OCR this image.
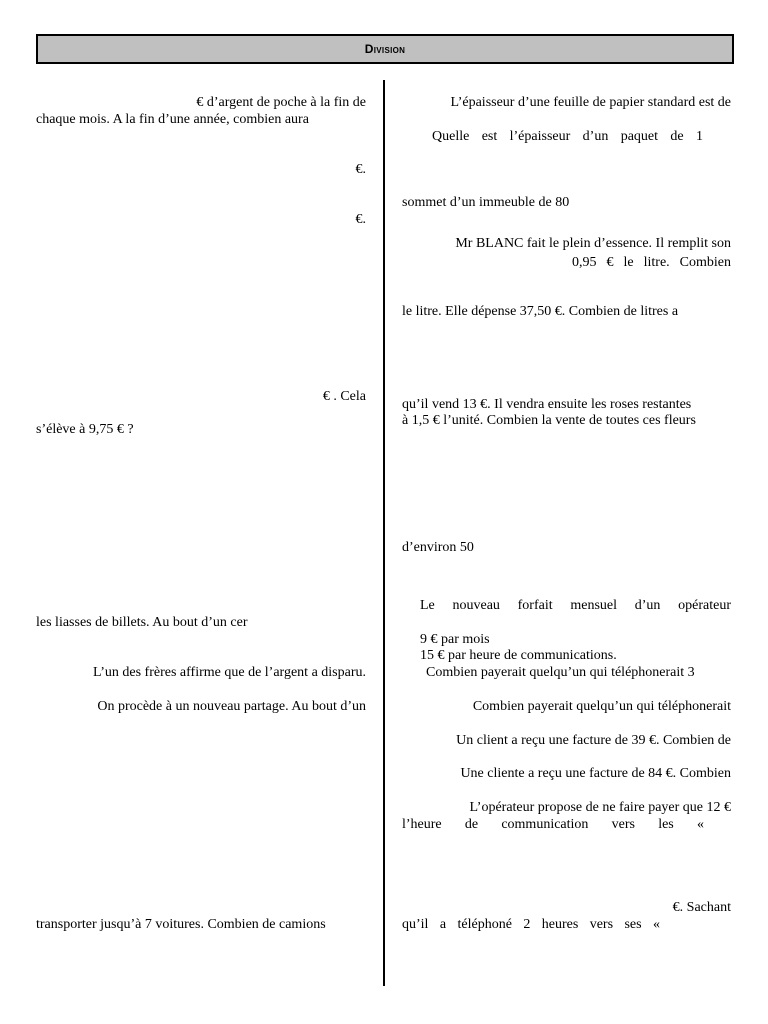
Division
€ d’argent de poche à la fin de
chaque mois. A la fin d’une année, combien aura
€.
€.
€ . Cela
s’élève à 9,75 € ?
les liasses de billets. Au bout d’un cer
L’un des frères affirme que de l’argent a disparu.
On procède à un nouveau partage. Au bout d’un
transporter jusqu’à 7 voitures. Combien de camions
L’épaisseur d’une feuille de papier standard est de
Quelle est l’épaisseur d’un paquet de 1
sommet d’un immeuble de 80
Mr BLANC fait le plein d’essence. Il remplit son
0,95 € le litre. Combien
le litre. Elle dépense 37,50 €. Combien de litres a
qu’il vend 13 €. Il vendra ensuite les roses restantes
à 1,5 € l’unité. Combien la vente de toutes ces fleurs
d’environ 50
Le nouveau forfait mensuel d’un opérateur
9 € par mois
15 € par heure de communications.
Combien payerait quelqu’un qui téléphonerait 3
Combien payerait quelqu’un qui téléphonerait
Un client a reçu une facture de 39 €. Combien de
Une cliente a reçu une facture de 84 €. Combien
L’opérateur propose de ne faire payer que 12 €
l’heure de communication vers les «
€. Sachant
qu’il a téléphoné 2 heures vers ses «
